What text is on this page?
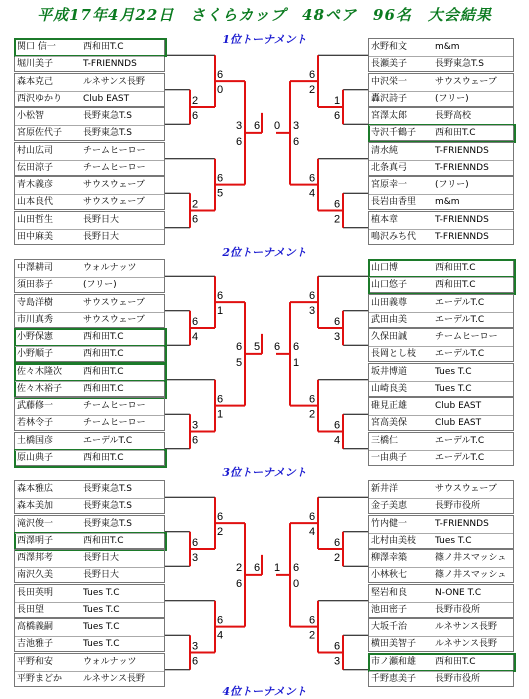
平成17年4月22日　さくらカップ　48ペア　96名　大会結果
1位トーナメント
2位トーナメント
3位トーナメント
4位トーナメント
2
6
2
6
6
0
6
5
3
6
6
1
6
6
2
6
2
6
4
3
6
0
6
4
3
6
6
1
6
1
6
5
5
6
3
6
4
6
3
6
2
6
1
6
6
3
3
6
6
2
6
4
2
6
6
6
2
6
3
6
4
6
2
6
0
1
関口 信一	西和田T.C
堀川美子	T-FRIENNDS
森本克己	ルネサンス長野
西沢ゆかり Club EAST
小松智	長野東急T.S
宮原佐代子 長野東急T.S
村山広司	チームヒーロー
伝田涼子	チームヒーロー
青木義彦	サウスウェーブ
山本良代	サウスウェーブ
山田哲生	長野日大
田中麻美	長野日大
中澤耕司	ウォルナッツ
須田恭子	(フリー)
寺島洋樹	サウスウェーブ
市川真秀	サウスウェーブ
小野保憲	西和田T.C
小野順子	西和田T.C
佐々木隆次 西和田T.C
佐々木裕子 西和田T.C
武藤修一	チームヒーロー
若林令子	チームヒーロー
土橋国彦	エーデルT.C
原山典子	西和田T.C
森本雅広	長野東急T.S
森本美加	長野東急T.S
滝沢俊一	長野東急T.S
西澤明子	西和田T.C
西澤邦考	長野日大
南沢久美	長野日大
長田英明	Tues T.C
長田望	Tues T.C
高橋義嗣	Tues T.C
吉池雅子	Tues T.C
平野和安	ウォルナッツ
平野まどか ルネサンス長野
水野和文	m&m
長瀬美子	長野東急T.S
中沢栄一	サウスウェーブ
轟沢詩子	(フリー)
宮澤太郎	長野高校
寺沢千鶴子 西和田T.C
清水純	T-FRIENNDS
北条真弓	T-FRIENNDS
宮原幸一	(フリー)
長岩由香里 m&m
植本章	T-FRIENNDS
鳴沢みち代 T-FRIENNDS
山口博	西和田T.C
山口悠子	西和田T.C
山田義尊	エーデルT.C
武田由美	エーデルT.C
久保田誠	チームヒーロー
長岡とし枝 エーデルT.C
坂井博道	Tues T.C
山崎良美	Tues T.C
碓見正雄	Club EAST
宮高美保	Club EAST
三橋仁	エーデルT.C
一由典子	エーデルT.C
新井洋	サウスウェーブ
金子美恵	長野市役所
竹内健一	T-FRIENNDS
北村由美枝 Tues T.C
柳澤幸築	篠ノ井スマッシュ
小林秋七	篠ノ井スマッシュ
堅岩和良	N-ONE T.C
池田密子	長野市役所
大坂千治	ルネサンス長野
横田美智子 ルネサンス長野
市ノ瀬和雄 西和田T.C
千野恵美子 長野市役所
